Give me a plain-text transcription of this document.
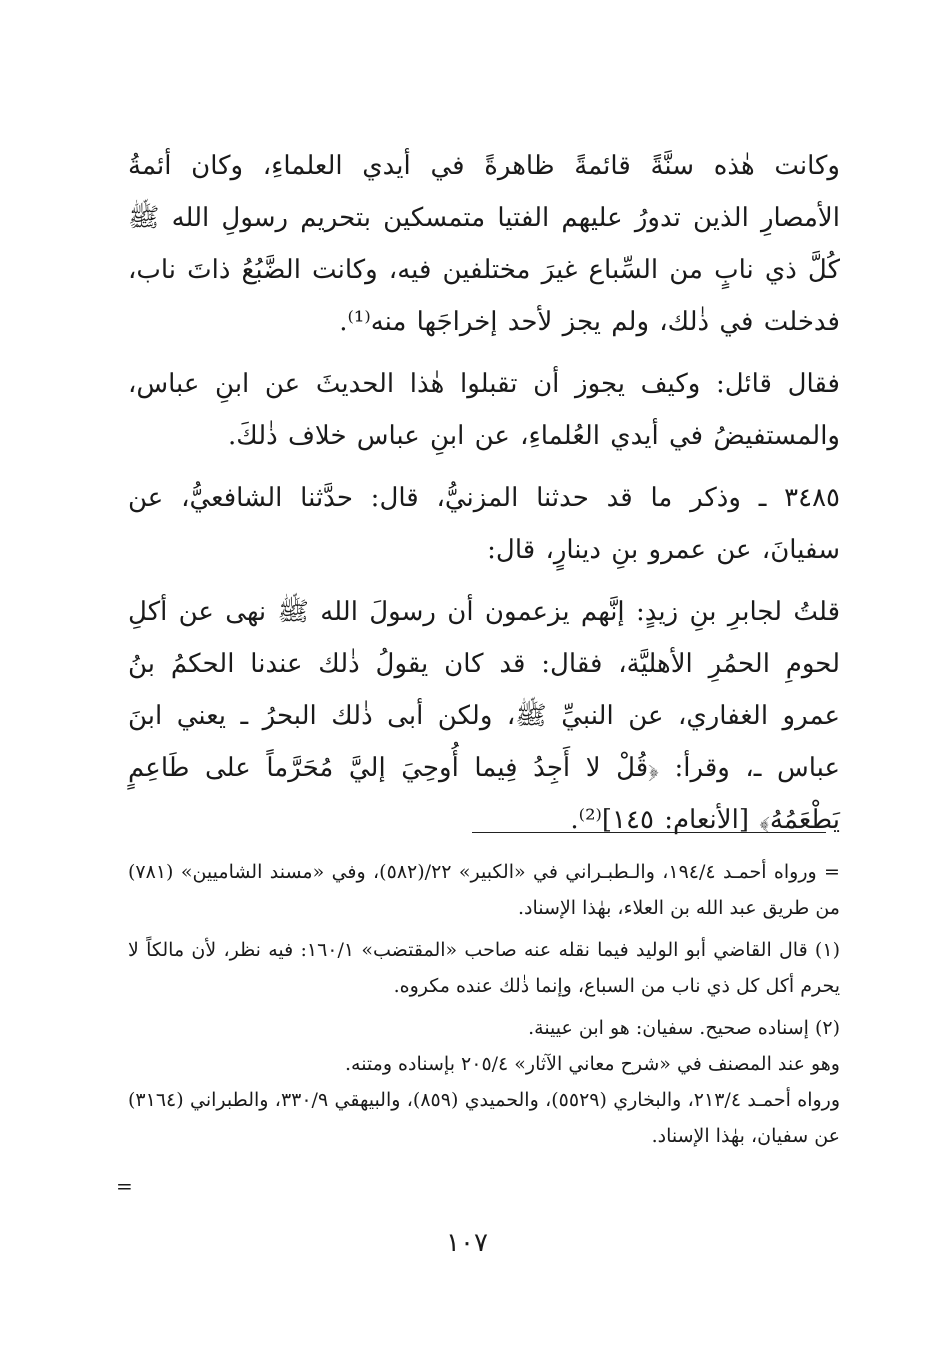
وكانت هٰذه سنَّةً قائمةً ظاهرةً في أيدي العلماءِ، وكان أئمةُ الأمصارِ الذين تدورُ عليهم الفتيا متمسكين بتحريم رسولِ الله ﷺ كُلَّ ذي نابٍ من السِّباع غيرَ مختلفين فيه، وكانت الضَّبُعُ ذاتَ ناب، فدخلت في ذٰلك، ولم يجز لأحد إخراجَها منه⁽¹⁾.

فقال قائل: وكيف يجوز أن تقبلوا هٰذا الحديثَ عن ابنِ عباس، والمستفيضُ في أيدي العُلماءِ، عن ابنِ عباس خلاف ذٰلكَ.

٣٤٨٥ ـ وذكر ما قد حدثنا المزنيُّ، قال: حدَّثنا الشافعيُّ، عن سفيانَ، عن عمرو بنِ دينارٍ، قال:

قلتُ لجابرِ بنِ زيدٍ: إنَّهم يزعمون أن رسولَ الله ﷺ نهى عن أكلِ لحومِ الحمُرِ الأهليَّة، فقال: قد كان يقولُ ذٰلك عندنا الحكمُ بنُ عمرو الغفاري، عن النبيِّ ﷺ، ولكن أبى ذٰلك البحرُ ـ يعني ابنَ عباس ـ، وقرأ: ﴿قُلْ لا أَجِدُ فِيما أُوحِيَ إليَّ مُحَرَّماً على طَاعِمٍ يَطْعَمُهُ﴾ [الأنعام: ١٤٥]⁽²⁾.

= ورواه أحمـد ١٩٤/٤، والـطبـراني في «الكبير» ٢٢/(٥٨٢)، وفي «مسند الشاميين» (٧٨١) من طريق عبد الله بن العلاء، بهٰذا الإسناد.

(١) قال القاضي أبو الوليد فيما نقله عنه صاحب «المقتضب» ١٦٠/١: فيه نظر، لأن مالكاً لا يحرم أكل كل ذي ناب من السباع، وإنما ذٰلك عنده مكروه.

(٢) إسناده صحيح. سفيان: هو ابن عيينة.

وهو عند المصنف في «شرح معاني الآثار» ٢٠٥/٤ بإسناده ومتنه.

ورواه أحمـد ٢١٣/٤، والبخاري (٥٥٢٩)، والحميدي (٨٥٩)، والبيهقي ٣٣٠/٩، والطبراني (٣١٦٤) عن سفيان، بهٰذا الإسناد.

=
١٠٧
